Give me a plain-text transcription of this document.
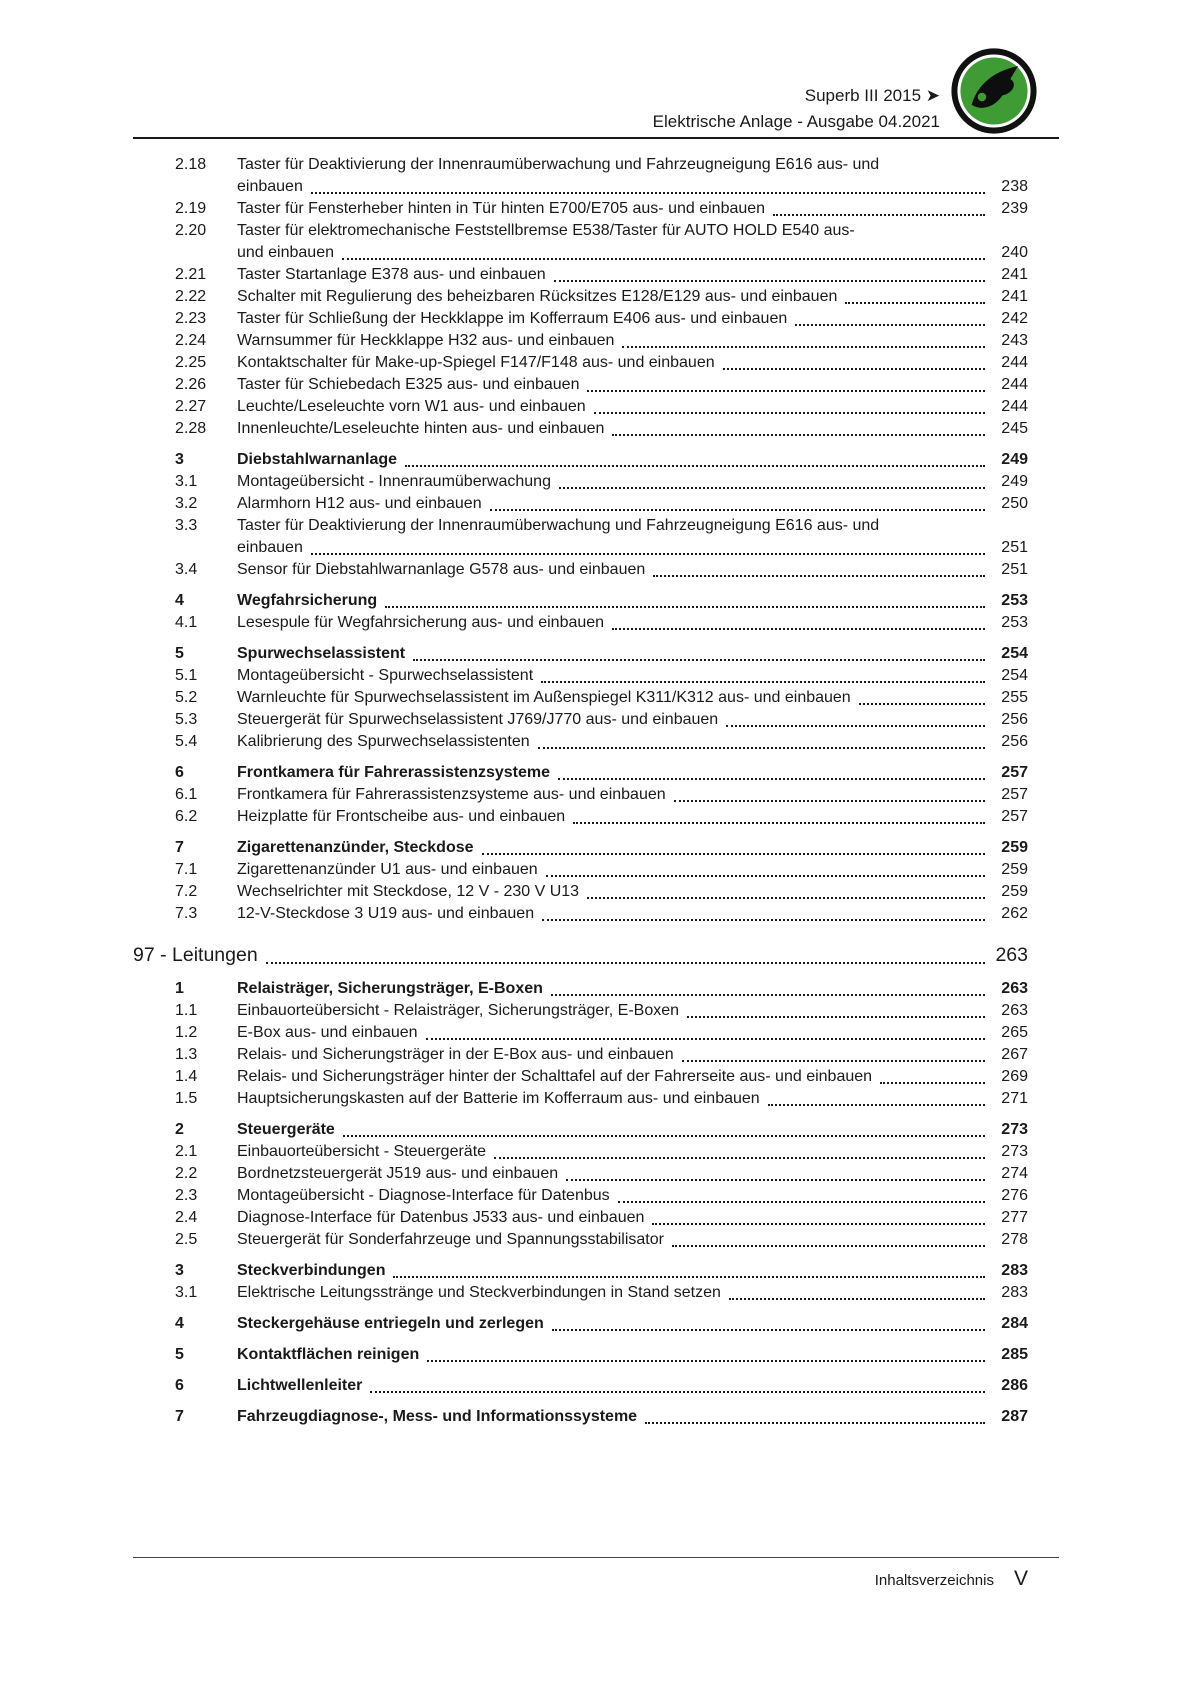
Superb III 2015 ➤
Elektrische Anlage - Ausgabe 04.2021
2.18	Taster für Deaktivierung der Innenraumüberwachung und Fahrzeugneigung E616 aus- und
einbauen	238
2.19	Taster für Fensterheber hinten in Tür hinten E700/E705 aus- und einbauen	239
2.20	Taster für elektromechanische Feststellbremse E538/Taster für AUTO HOLD E540 aus-
und einbauen	240
2.21	Taster Startanlage E378 aus- und einbauen	241
2.22	Schalter mit Regulierung des beheizbaren Rücksitzes E128/E129 aus- und einbauen	241
2.23	Taster für Schließung der Heckklappe im Kofferraum E406 aus- und einbauen	242
2.24	Warnsummer für Heckklappe H32 aus- und einbauen	243
2.25	Kontaktschalter für Make-up-Spiegel F147/F148 aus- und einbauen	244
2.26	Taster für Schiebedach E325 aus- und einbauen	244
2.27	Leuchte/Leseleuchte vorn W1 aus- und einbauen	244
2.28	Innenleuchte/Leseleuchte hinten aus- und einbauen	245
3	Diebstahlwarnanlage	249
3.1	Montageübersicht - Innenraumüberwachung	249
3.2	Alarmhorn H12 aus- und einbauen	250
3.3	Taster für Deaktivierung der Innenraumüberwachung und Fahrzeugneigung E616 aus- und
einbauen	251
3.4	Sensor für Diebstahlwarnanlage G578 aus- und einbauen	251
4	Wegfahrsicherung	253
4.1	Lesespule für Wegfahrsicherung aus- und einbauen	253
5	Spurwechselassistent	254
5.1	Montageübersicht - Spurwechselassistent	254
5.2	Warnleuchte für Spurwechselassistent im Außenspiegel K311/K312 aus- und einbauen	255
5.3	Steuergerät für Spurwechselassistent J769/J770 aus- und einbauen	256
5.4	Kalibrierung des Spurwechselassistenten	256
6	Frontkamera für Fahrerassistenzsysteme	257
6.1	Frontkamera für Fahrerassistenzsysteme aus- und einbauen	257
6.2	Heizplatte für Frontscheibe aus- und einbauen	257
7	Zigarettenanzünder, Steckdose	259
7.1	Zigarettenanzünder U1 aus- und einbauen	259
7.2	Wechselrichter mit Steckdose, 12 V - 230 V U13	259
7.3	12-V-Steckdose 3 U19 aus- und einbauen	262
97 - Leitungen	263
1	Relaisträger, Sicherungsträger, E-Boxen	263
1.1	Einbauorteübersicht - Relaisträger, Sicherungsträger, E-Boxen	263
1.2	E-Box aus- und einbauen	265
1.3	Relais- und Sicherungsträger in der E-Box aus- und einbauen	267
1.4	Relais- und Sicherungsträger hinter der Schalttafel auf der Fahrerseite aus- und einbauen	269
1.5	Hauptsicherungskasten auf der Batterie im Kofferraum aus- und einbauen	271
2	Steuergeräte	273
2.1	Einbauorteübersicht - Steuergeräte	273
2.2	Bordnetzsteuergerät J519 aus- und einbauen	274
2.3	Montageübersicht - Diagnose-Interface für Datenbus	276
2.4	Diagnose-Interface für Datenbus J533 aus- und einbauen	277
2.5	Steuergerät für Sonderfahrzeuge und Spannungsstabilisator	278
3	Steckverbindungen	283
3.1	Elektrische Leitungsstränge und Steckverbindungen in Stand setzen	283
4	Steckergehäuse entriegeln und zerlegen	284
5	Kontaktflächen reinigen	285
6	Lichtwellenleiter	286
7	Fahrzeugdiagnose-, Mess- und Informationssysteme	287
Inhaltsverzeichnis V
